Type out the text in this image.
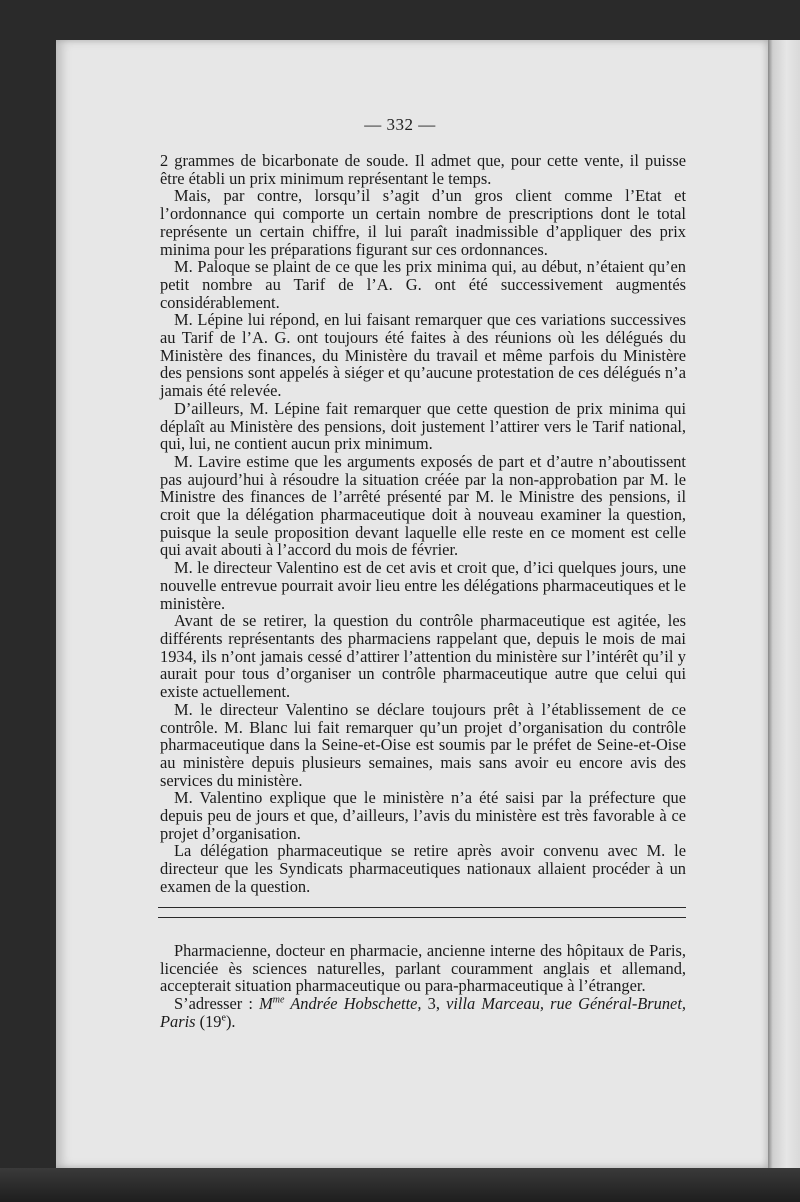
— 332 —

2 grammes de bicarbonate de soude. Il admet que, pour cette vente, il puisse être établi un prix minimum représentant le temps.

Mais, par contre, lorsqu’il s’agit d’un gros client comme l’Etat et l’ordonnance qui comporte un certain nombre de prescriptions dont le total représente un certain chiffre, il lui paraît inadmissible d’appliquer des prix minima pour les préparations figurant sur ces ordonnances.

M. Paloque se plaint de ce que les prix minima qui, au début, n’étaient qu’en petit nombre au Tarif de l’A. G. ont été successivement augmentés considérablement.

M. Lépine lui répond, en lui faisant remarquer que ces variations successives au Tarif de l’A. G. ont toujours été faites à des réunions où les délégués du Ministère des finances, du Ministère du travail et même parfois du Ministère des pensions sont appelés à siéger et qu’aucune protestation de ces délégués n’a jamais été relevée.

D’ailleurs, M. Lépine fait remarquer que cette question de prix minima qui déplaît au Ministère des pensions, doit justement l’attirer vers le Tarif national, qui, lui, ne contient aucun prix minimum.

M. Lavire estime que les arguments exposés de part et d’autre n’aboutissent pas aujourd’hui à résoudre la situation créée par la non-approbation par M. le Ministre des finances de l’arrêté présenté par M. le Ministre des pensions, il croit que la délégation pharmaceutique doit à nouveau examiner la question, puisque la seule proposition devant laquelle elle reste en ce moment est celle qui avait abouti à l’accord du mois de février.

M. le directeur Valentino est de cet avis et croit que, d’ici quelques jours, une nouvelle entrevue pourrait avoir lieu entre les délégations pharmaceutiques et le ministère.

Avant de se retirer, la question du contrôle pharmaceutique est agitée, les différents représentants des pharmaciens rappelant que, depuis le mois de mai 1934, ils n’ont jamais cessé d’attirer l’attention du ministère sur l’intérêt qu’il y aurait pour tous d’organiser un contrôle pharmaceutique autre que celui qui existe actuellement.

M. le directeur Valentino se déclare toujours prêt à l’établissement de ce contrôle. M. Blanc lui fait remarquer qu’un projet d’organisation du contrôle pharmaceutique dans la Seine-et-Oise est soumis par le préfet de Seine-et-Oise au ministère depuis plusieurs semaines, mais sans avoir eu encore avis des services du ministère.

M. Valentino explique que le ministère n’a été saisi par la préfecture que depuis peu de jours et que, d’ailleurs, l’avis du ministère est très favorable à ce projet d’organisation.

La délégation pharmaceutique se retire après avoir convenu avec M. le directeur que les Syndicats pharmaceutiques nationaux allaient procéder à un examen de la question.

Pharmacienne, docteur en pharmacie, ancienne interne des hôpitaux de Paris, licenciée ès sciences naturelles, parlant couramment anglais et allemand, accepterait situation pharmaceutique ou para-pharmaceutique à l’étranger.

S’adresser : $M^{me}$ Andrée Hobschette, 3, villa Marceau, rue Général-Brunet, Paris (19e).
